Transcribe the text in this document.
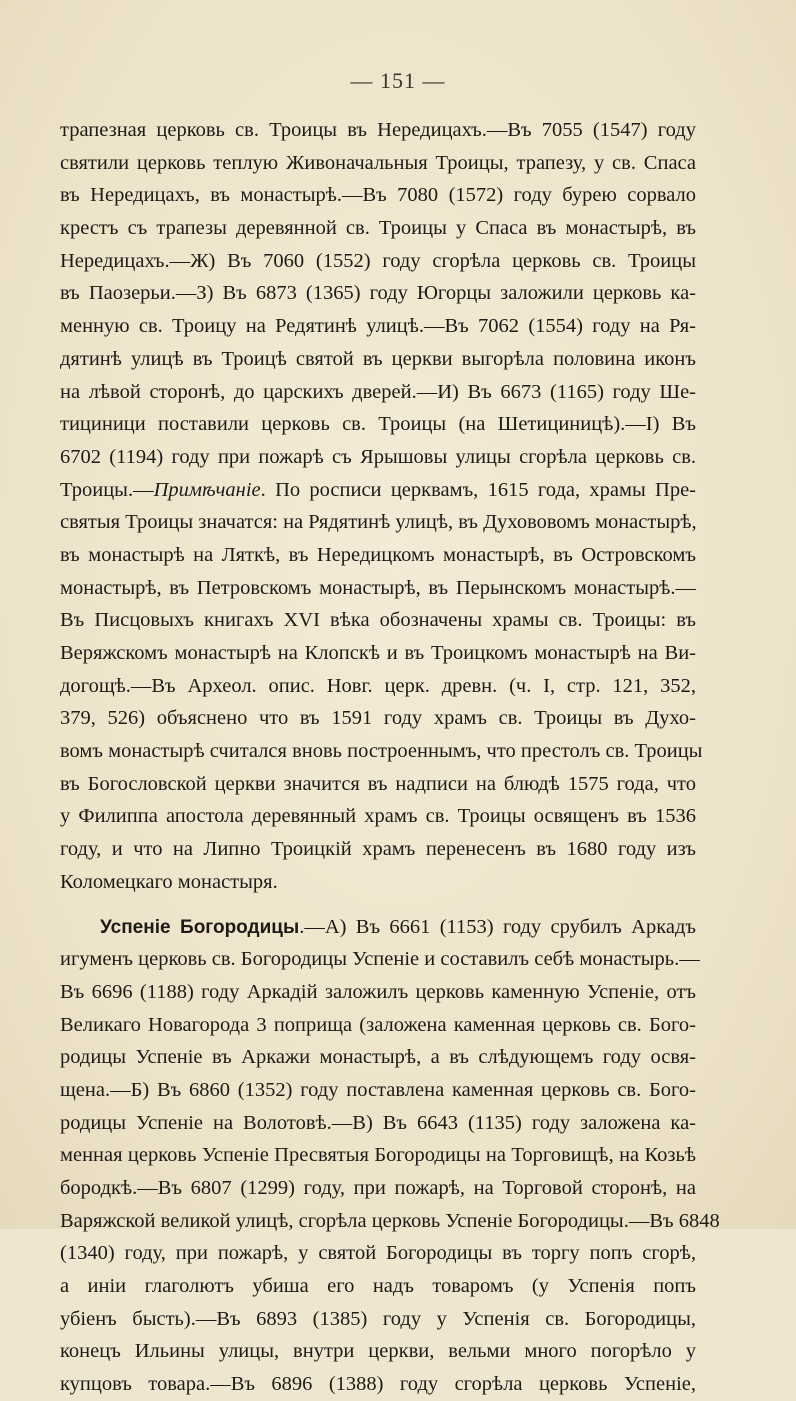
— 151 —
трапезная церковь св. Троицы въ Нередицахъ.—Въ 7055 (1547) году
святили церковь теплую Живоначальныя Троицы, трапезу, у св. Спаса
въ Нередицахъ, въ монастырѣ.—Въ 7080 (1572) году бурею сорвало
крестъ съ трапезы деревянной св. Троицы у Спаса въ монастырѣ, въ
Нередицахъ.—Ж) Въ 7060 (1552) году сгорѣла церковь св. Троицы
въ Паозерьи.—З) Въ 6873 (1365) году Югорцы заложили церковь ка-
менную св. Троицу на Редятинѣ улицѣ.—Въ 7062 (1554) году на Ря-
дятинѣ улицѣ въ Троицѣ святой въ церкви выгорѣла половина иконъ
на лѣвой сторонѣ, до царскихъ дверей.—И) Въ 6673 (1165) году Ше-
тициници поставили церковь св. Троицы (на Шетициницѣ).—І) Въ
6702 (1194) году при пожарѣ съ Ярышовы улицы сгорѣла церковь св.
Троицы.—Примѣчаніе. По росписи церквамъ, 1615 года, храмы Пре-
святыя Троицы значатся: на Рядятинѣ улицѣ, въ Духововомъ монастырѣ,
въ монастырѣ на Ляткѣ, въ Нередицкомъ монастырѣ, въ Островскомъ
монастырѣ, въ Петровскомъ монастырѣ, въ Перынскомъ монастырѣ.—
Въ Писцовыхъ книгахъ XVI вѣка обозначены храмы св. Троицы: въ
Веряжскомъ монастырѣ на Клопскѣ и въ Троицкомъ монастырѣ на Ви-
догощѣ.—Въ Археол. опис. Новг. церк. древн. (ч. I, стр. 121, 352,
379, 526) объяснено что въ 1591 году храмъ св. Троицы въ Духо-
вомъ монастырѣ считался вновь построеннымъ, что престолъ св. Троицы
въ Богословской церкви значится въ надписи на блюдѣ 1575 года, что
у Филиппа апостола деревянный храмъ св. Троицы освященъ въ 1536
году, и что на Липно Троицкій храмъ перенесенъ въ 1680 году изъ
Коломецкаго монастыря.
Успеніе Богородицы.—А) Въ 6661 (1153) году срубилъ Аркадъ
игуменъ церковь св. Богородицы Успеніе и составилъ себѣ монастырь.—
Въ 6696 (1188) году Аркадій заложилъ церковь каменную Успеніе, отъ
Великаго Новагорода 3 поприща (заложена каменная церковь св. Бого-
родицы Успеніе въ Аркажи монастырѣ, а въ слѣдующемъ году освя-
щена.—Б) Въ 6860 (1352) году поставлена каменная церковь св. Бого-
родицы Успеніе на Волотовѣ.—В) Въ 6643 (1135) году заложена ка-
менная церковь Успеніе Пресвятыя Богородицы на Торговищѣ, на Козьѣ
бородкѣ.—Въ 6807 (1299) году, при пожарѣ, на Торговой сторонѣ, на
Варяжской великой улицѣ, сгорѣла церковь Успеніе Богородицы.—Въ 6848
(1340) году, при пожарѣ, у святой Богородицы въ торгу попъ сгорѣ,
а иніи глаголютъ убиша его надъ товаромъ (у Успенія попъ
убіенъ бысть).—Въ 6893 (1385) году у Успенія св. Богородицы,
конецъ Ильины улицы, внутри церкви, вельми много погорѣло у
купцовъ товара.—Въ 6896 (1388) году сгорѣла церковь Успеніе,
